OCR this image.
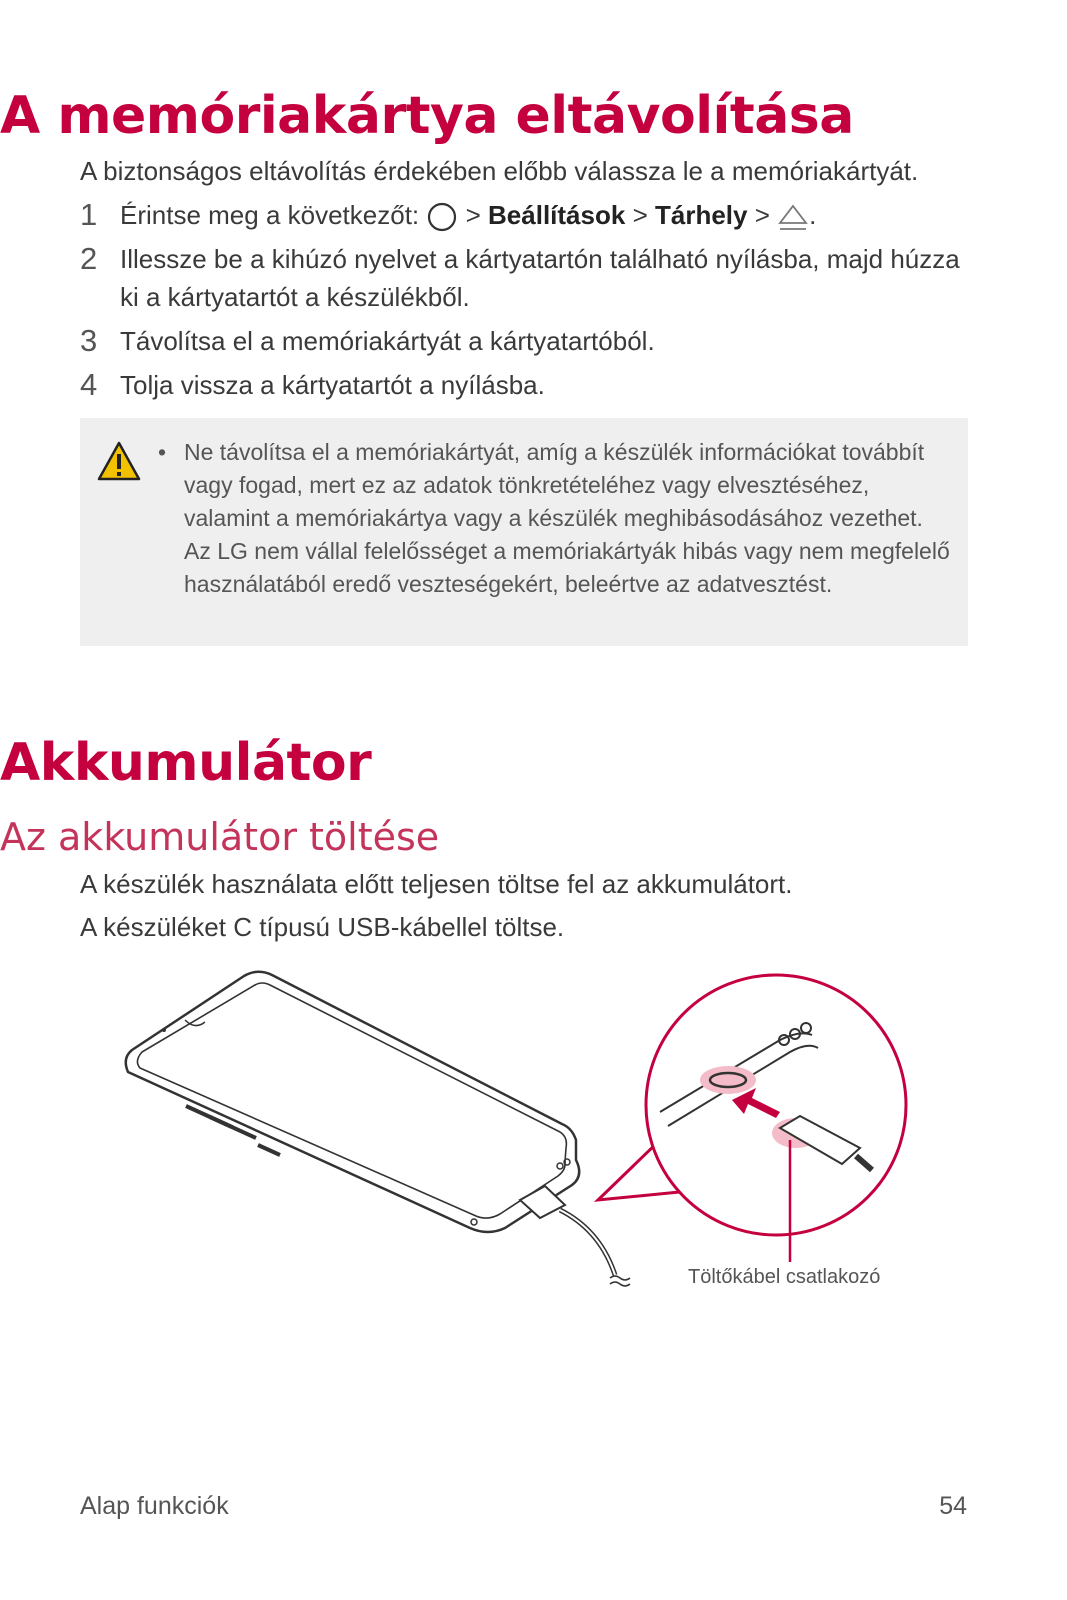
A memóriakártya eltávolítása
A biztonságos eltávolítás érdekében előbb válassza le a memóriakártyát.
1 Érintse meg a következőt: > Beállítások > Tárhely > .
2 Illessze be a kihúzó nyelvet a kártyatartón található nyílásba, majd húzza ki a kártyatartót a készülékből.
3 Távolítsa el a memóriakártyát a kártyatartóból.
4 Tolja vissza a kártyatartót a nyílásba.
• Ne távolítsa el a memóriakártyát, amíg a készülék információkat továbbít vagy fogad, mert ez az adatok tönkretételéhez vagy elvesztéséhez, valamint a memóriakártya vagy a készülék meghibásodásához vezethet. Az LG nem vállal felelősséget a memóriakártyák hibás vagy nem megfelelő használatából eredő veszteségekért, beleértve az adatvesztést.
Akkumulátor
Az akkumulátor töltése
A készülék használata előtt teljesen töltse fel az akkumulátort.
A készüléket C típusú USB-kábellel töltse.
Töltőkábel csatlakozó
Alap funkciók	54
